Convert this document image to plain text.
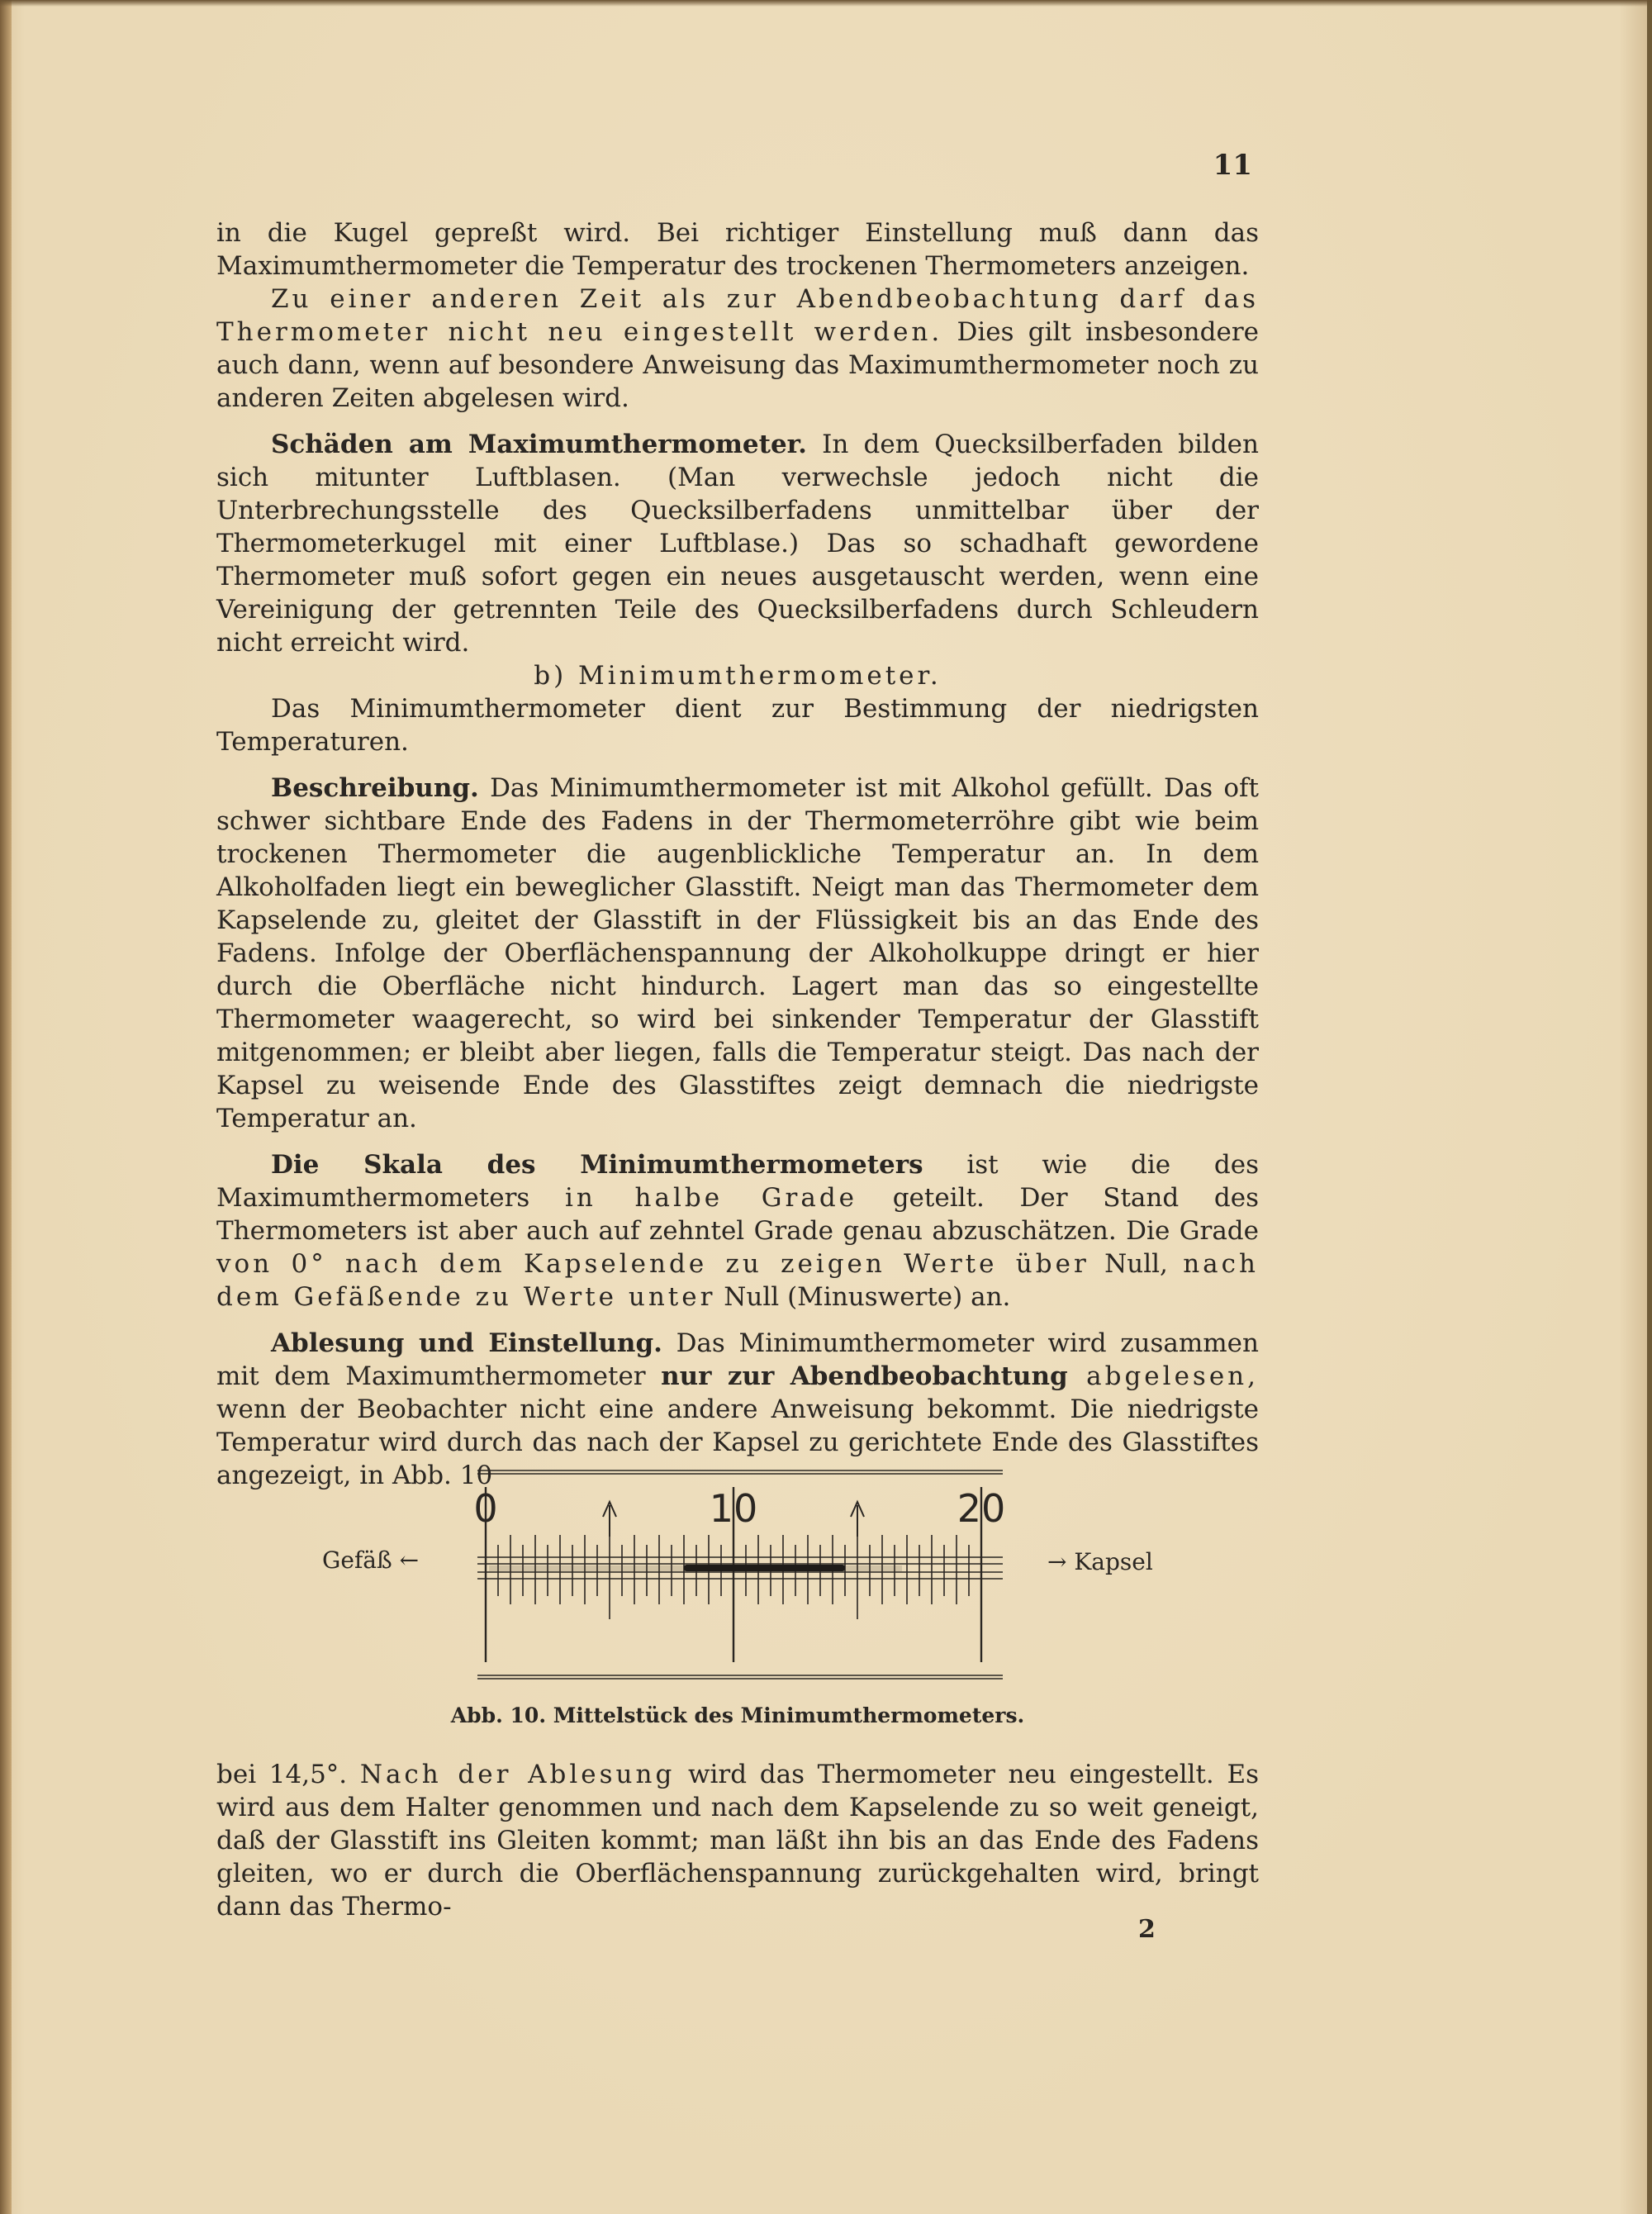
11

in die Kugel gepreßt wird. Bei richtiger Einstellung muß dann das Maximumthermometer die Temperatur des trockenen Thermometers anzeigen.

Zu einer anderen Zeit als zur Abendbeobachtung darf das Thermometer nicht neu eingestellt werden. Dies gilt insbesondere auch dann, wenn auf besondere Anweisung das Maximumthermometer noch zu anderen Zeiten abgelesen wird.

Schäden am Maximumthermometer. In dem Quecksilberfaden bilden sich mitunter Luftblasen. (Man verwechsle jedoch nicht die Unterbrechungsstelle des Quecksilberfadens unmittelbar über der Thermometerkugel mit einer Luftblase.) Das so schadhaft gewordene Thermometer muß sofort gegen ein neues ausgetauscht werden, wenn eine Vereinigung der getrennten Teile des Quecksilberfadens durch Schleudern nicht erreicht wird.

b) Minimumthermometer.

Das Minimumthermometer dient zur Bestimmung der niedrigsten Temperaturen.

Beschreibung. Das Minimumthermometer ist mit Alkohol gefüllt. Das oft schwer sichtbare Ende des Fadens in der Thermometerröhre gibt wie beim trockenen Thermometer die augenblickliche Temperatur an. In dem Alkoholfaden liegt ein beweglicher Glasstift. Neigt man das Thermometer dem Kapselende zu, gleitet der Glasstift in der Flüssigkeit bis an das Ende des Fadens. Infolge der Oberflächenspannung der Alkoholkuppe dringt er hier durch die Oberfläche nicht hindurch. Lagert man das so eingestellte Thermometer waagerecht, so wird bei sinkender Temperatur der Glasstift mitgenommen; er bleibt aber liegen, falls die Temperatur steigt. Das nach der Kapsel zu weisende Ende des Glasstiftes zeigt demnach die niedrigste Temperatur an.

Die Skala des Minimumthermometers ist wie die des Maximumthermometers in halbe Grade geteilt. Der Stand des Thermometers ist aber auch auf zehntel Grade genau abzuschätzen. Die Grade von 0° nach dem Kapselende zu zeigen Werte über Null, nach dem Gefäßende zu Werte unter Null (Minuswerte) an.

Ablesung und Einstellung. Das Minimumthermometer wird zusammen mit dem Maximumthermometer nur zur Abendbeobachtung abgelesen, wenn der Beobachter nicht eine andere Anweisung bekommt. Die niedrigste Temperatur wird durch das nach der Kapsel zu gerichtete Ende des Glasstiftes angezeigt, in Abb. 10

0	10	20
Gefäß ←	→ Kapsel
Abb. 10. Mittelstück des Minimumthermometers.

bei 14,5°. Nach der Ablesung wird das Thermometer neu eingestellt. Es wird aus dem Halter genommen und nach dem Kapselende zu so weit geneigt, daß der Glasstift ins Gleiten kommt; man läßt ihn bis an das Ende des Fadens gleiten, wo er durch die Oberflächenspannung zurückgehalten wird, bringt dann das Thermo-

2
